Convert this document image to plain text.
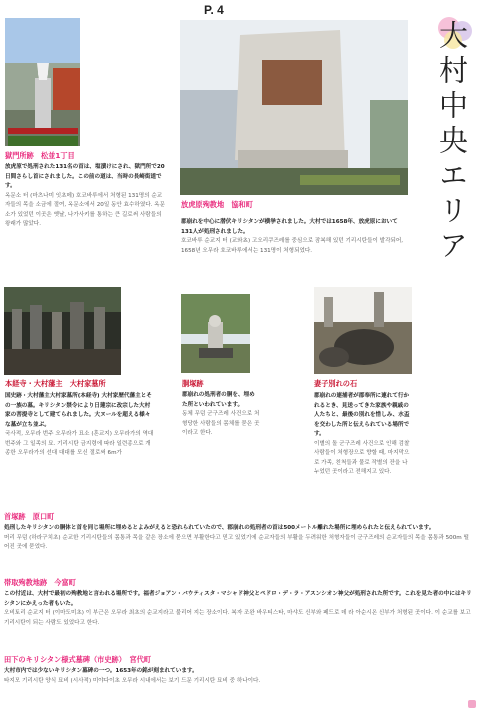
P. 4
大村中央エリア
獄門所跡　松並1丁目

放虎原で処刑された131名の首は、塩漬けにされ、獄門所で20日間さらし首にされました。この前の道は、当時の長崎街道です。

옥문소 터 (마츠나미 잇초메) 호코바루에서 처형된 131명의 순교자들의 목을 소금에 절여, 옥문소에서 20일 동안 효수하였다. 옥문소가 있었던 이곳은 옛날, 나가사키를 통하는 큰 길로써 사람들의 왕래가 많았다.

放虎原殉教地　協和町

郡崩れを中心に潜伏キリシタンが横挙されました。大村では1658年、放虎原において131人が処刑されました。

호코바루 순교지 터 (교와쵸) 고오리쿠즈레를 중심으로 잠복해 있던 기리시탄들이 발각되어, 1658년 오무라 호코바루에서는 131명이 처형되었다.

本経寺・大村藩主　大村家墓所

国史跡・大村藩主大村家墓所(本経寺) 大村家歴代藩主とその一族の墓。キリシタン禁令により日蓮宗に改宗した大村家の菩提寺として建てられました。大ヌールを超える様々な墓が立ち並ぶ。

국사적, 오무라 번주 오무라가 묘소 (혼교지) 오무라가의 역대 번주와 그 일족의 묘. 기리시탄 금지령에 따라 일련종으로 개종한 오무라가의 선대 대대를 모신 절로써 6m가

胴塚跡

郡崩れの処刑者の胴を、埋めた所といわれています。

동체 무덤 군구즈레 사건으로 처형당한 사람들의 몸체를 묻은 곳이라고 한다.

妻子別れの石

郡崩れの連捕者が郡奉所に連れて行かれるとき、見送ってきた家族や親戚の人たちと、最後の別れを惜しみ、水盃を交わした所と伝えられている場所です。

이별의 돌 군구즈레 사건으로 인해 검찰사람들이 처형장으로 향할 때, 마지막으로 가족, 친척들과 물로 작별의 잔을 나누었던 곳이라고 전해지고 있다.

首塚跡　原口町

処刑したキリシタンの胴体と首を同じ場所に埋めるとよみがえると恐れられていたので、郡崩れの処刑者の首は500メートル離れた場所に埋められたと伝えられています。

머리 무덤 (하라구치초) 순교한 기리시탄들의 몸통과 목을 같은 장소에 묻으면 부활한다고 믿고 있었기에 순교자들의 부활을 두려워한 처형자들이 군구즈레의 순교자들의 목을 몸통과 500m 떨어진 곳에 묻었다.

帯取殉教地跡　今富町

この付近は、大村で最初の殉教地と言われる場所です。福者ジョアン・バウティスタ・マシャド神父とペドロ・デ・ラ・アスンシオン神父が処刑された所です。これを見た者の中にはキリシタンにかえった者もいた。

오비토리 순교지 터 (이마도미초) 이 부근은 오무라 최초의 순교지라고 불리어 지는 장소이다. 복자 조완 바우티스타, 마샤도 신부와 페드로 데 라 아순시온 신부가 처형된 곳이다. 이 순교를 보고 기리시탄이 되는 사람도 있었다고 한다.

田下のキリシタン様式墓碑（市史跡）　宮代町

大村市内では少ないキリシタン墓碑の一つ。1653年の銘が刻まれています。

타지모 기리시탄 양식 묘비 (시사적) 미야다이초 오무라 시내에서는 보기 드문 기리시탄 묘비 중 하나이다.
